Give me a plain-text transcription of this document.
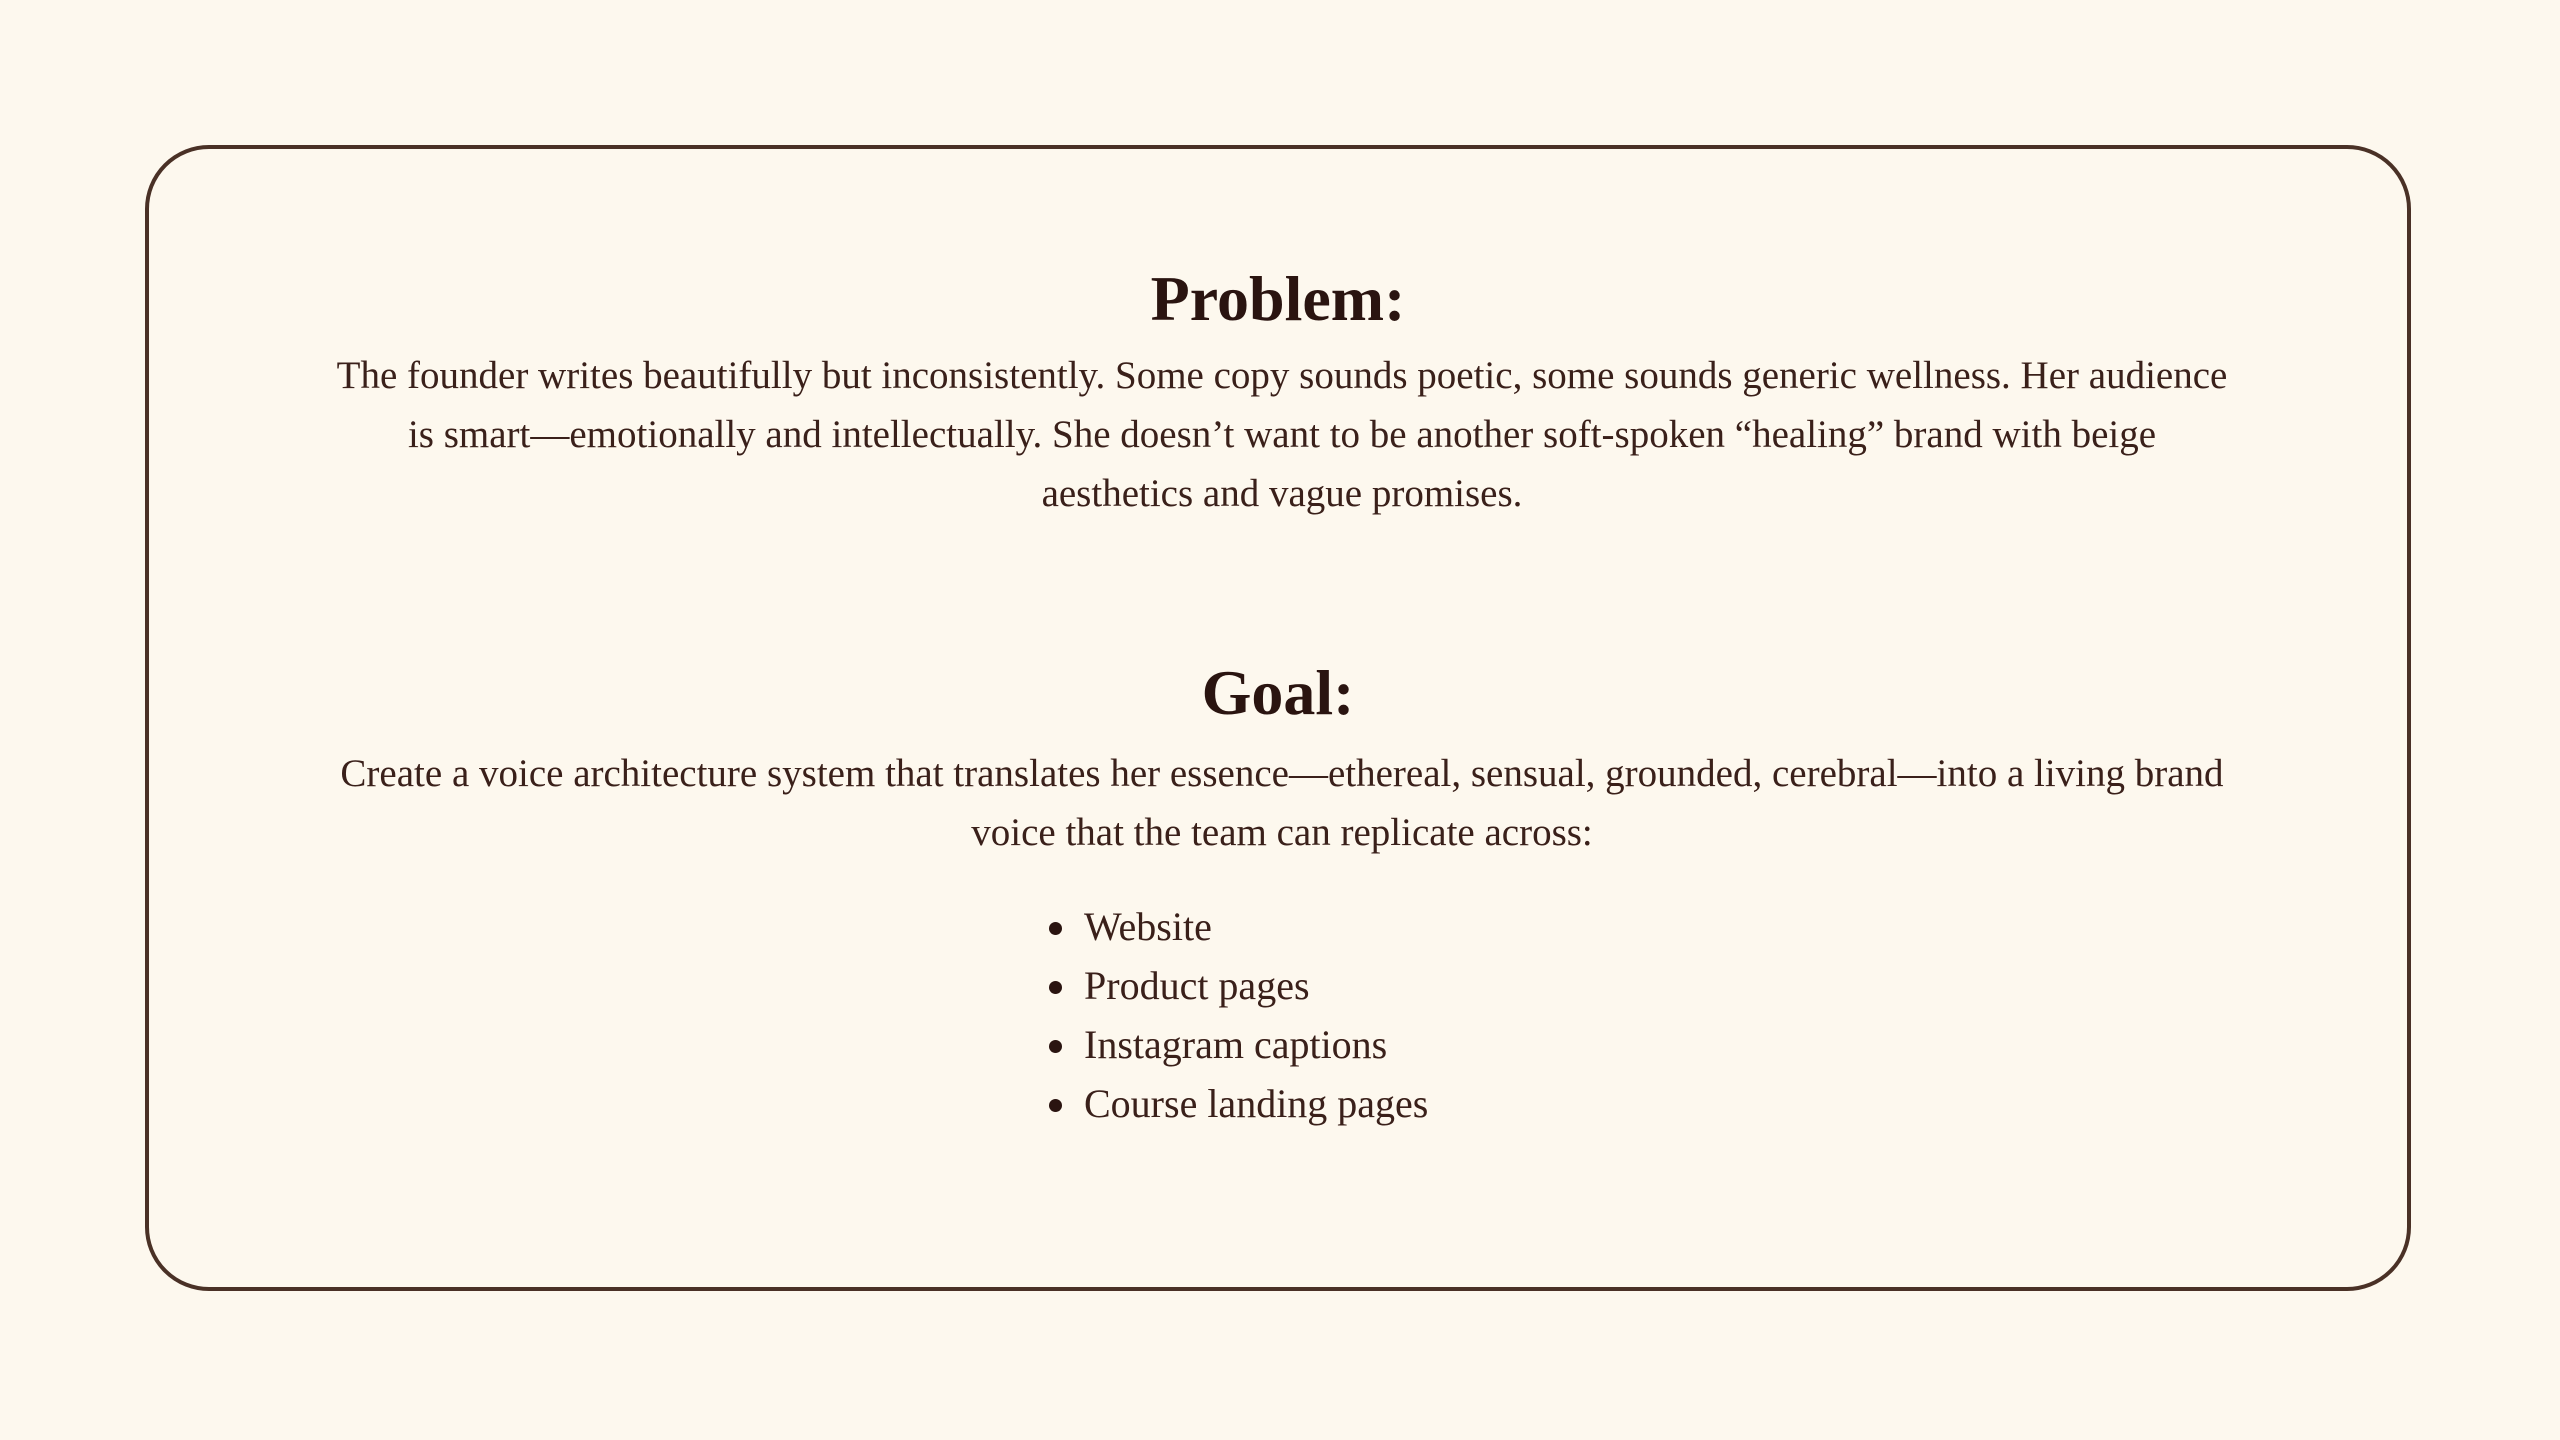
Problem:

The founder writes beautifully but inconsistently. Some copy sounds poetic, some sounds generic wellness. Her audience is smart—emotionally and intellectually. She doesn’t want to be another soft-spoken “healing” brand with beige aesthetics and vague promises.

Goal:

Create a voice architecture system that translates her essence—ethereal, sensual, grounded, cerebral—into a living brand voice that the team can replicate across:

Website
Product pages
Instagram captions
Course landing pages
